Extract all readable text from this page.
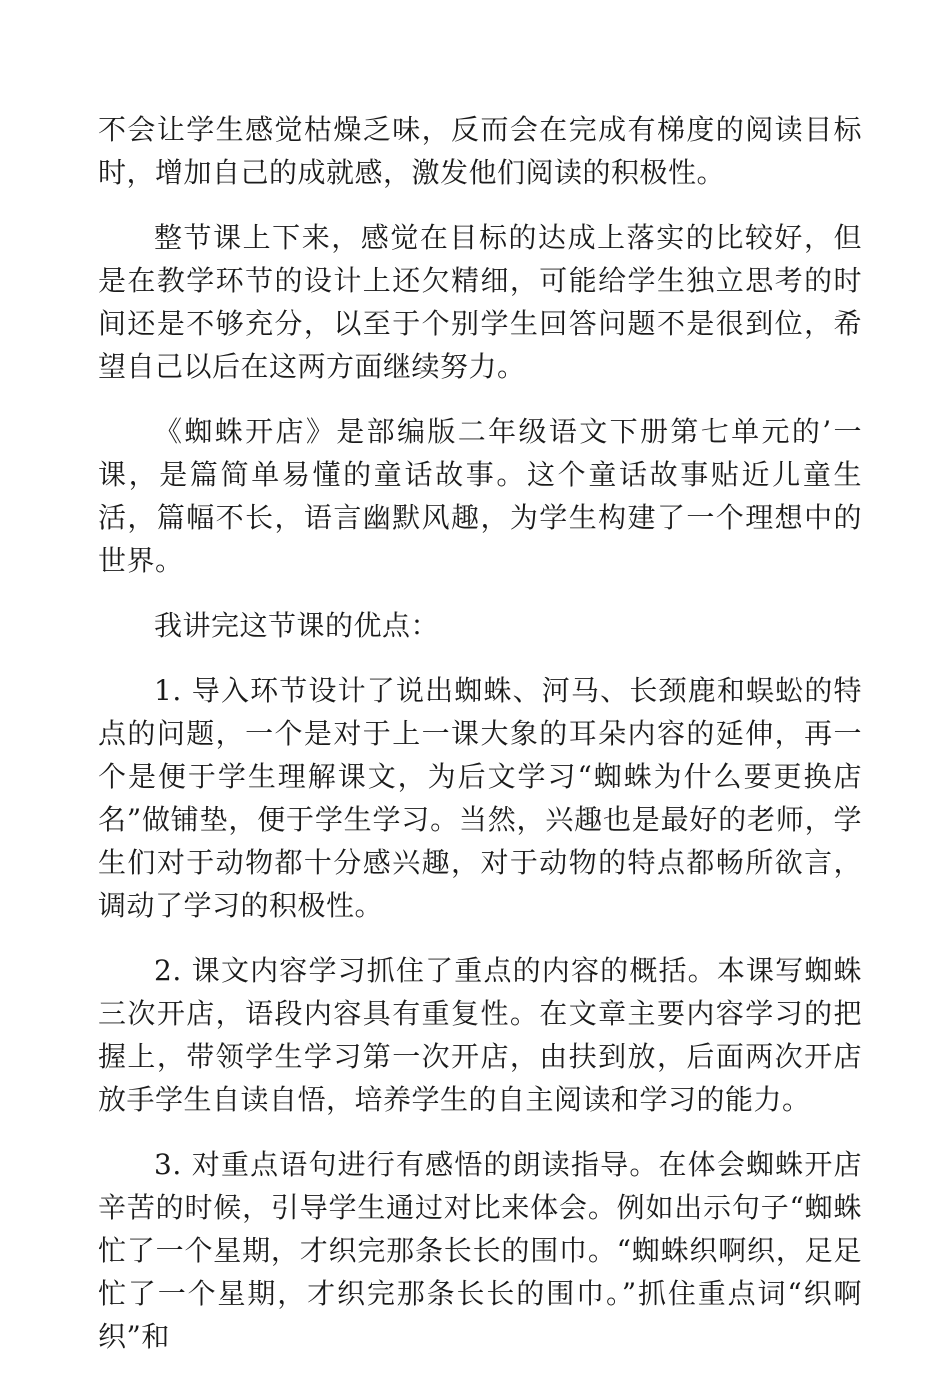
不会让学生感觉枯燥乏味，反而会在完成有梯度的阅读目标时，增加自己的成就感，激发他们阅读的积极性。

整节课上下来，感觉在目标的达成上落实的比较好，但是在教学环节的设计上还欠精细，可能给学生独立思考的时间还是不够充分，以至于个别学生回答问题不是很到位，希望自己以后在这两方面继续努力。

《蜘蛛开店》是部编版二年级语文下册第七单元的’一课，是篇简单易懂的童话故事。这个童话故事贴近儿童生活，篇幅不长，语言幽默风趣，为学生构建了一个理想中的世界。

我讲完这节课的优点：

1. 导入环节设计了说出蜘蛛、河马、长颈鹿和蜈蚣的特点的问题，一个是对于上一课大象的耳朵内容的延伸，再一个是便于学生理解课文，为后文学习“蜘蛛为什么要更换店名”做铺垫，便于学生学习。当然，兴趣也是最好的老师，学生们对于动物都十分感兴趣，对于动物的特点都畅所欲言，调动了学习的积极性。

2. 课文内容学习抓住了重点的内容的概括。本课写蜘蛛三次开店，语段内容具有重复性。在文章主要内容学习的把握上，带领学生学习第一次开店，由扶到放，后面两次开店放手学生自读自悟，培养学生的自主阅读和学习的能力。

3. 对重点语句进行有感悟的朗读指导。在体会蜘蛛开店辛苦的时候，引导学生通过对比来体会。例如出示句子“蜘蛛忙了一个星期，才织完那条长长的围巾。“蜘蛛织啊织，足足忙了一个星期，才织完那条长长的围巾。”抓住重点词“织啊织”和
